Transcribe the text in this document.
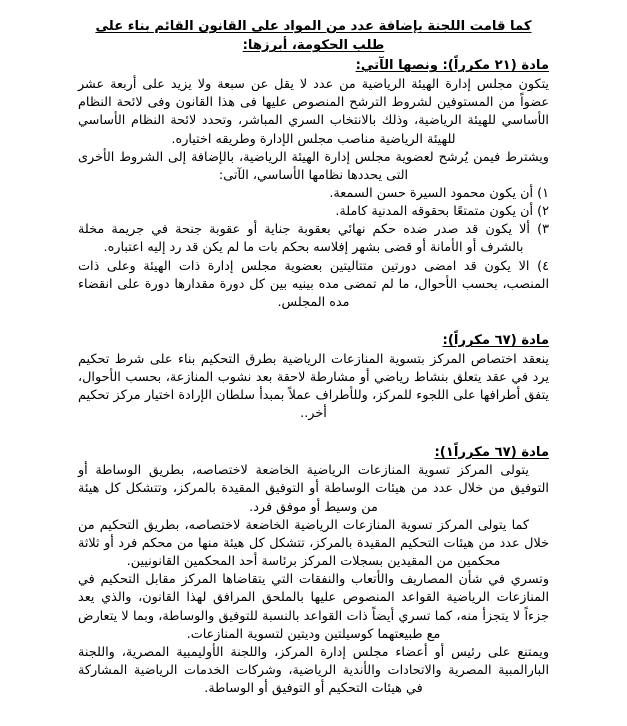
كما قامت اللجنة بإضافة عدد من المواد على القانون القائم بناء على طلب الحكومة، أبرزها:

مادة (٢١ مكرراً): ونصها الآتي:

يتكون مجلس إدارة الهيئة الرياضية من عدد لا يقل عن سبعة ولا يزيد على أربعة عشر عضواً من المستوفين لشروط الترشح المنصوص عليها فى هذا القانون وفى لائحة النظام الأساسي للهيئة الرياضية، وذلك بالانتخاب السري المباشر، وتحدد لائحة النظام الأساسي للهيئة الرياضية مناصب مجلس الإدارة وطريقه اختياره.

ويشترط فيمن يُرشح لعضوية مجلس إدارة الهيئة الرياضية، بالإضافة إلى الشروط الأخرى التى يحددها نظامها الأساسي، الآتى:

١) أن يكون محمود السيرة حسن السمعة.
٢) أن يكون متمتعًا بحقوقه المدنية كاملة.
٣) ألا يكون قد صدر ضده حكم نهائي بعقوبة جناية أو عقوبة جنحة في جريمة مخلة بالشرف أو الأمانة أو قضى بشهر إفلاسه بحكم بات ما لم يكن قد رد إليه اعتباره.
٤) الا يكون قد امضى دورتين متتاليتين بعضوية مجلس إدارة ذات الهيئة وعلى ذات المنصب، بحسب الأحوال، ما لم تمضى مده بينيه بين كل دورة مقدارها دورة على انقضاء مده المجلس.

مادة (٦٧ مكرراً):

ينعقد اختصاص المركز بتسوية المنازعات الرياضية بطرق التحكيم بناء على شرط تحكيم يرد في عقد يتعلق بنشاط رياضي أو مشارطة لاحقة بعد نشوب المنازعة، بحسب الأحوال، يتفق أطرافها على اللجوء للمركز، وللأطراف عملاً بمبدأ سلطان الإرادة اختيار مركز تحكيم أخر..

مادة (٦٧ مكرراً١):

يتولى المركز تسوية المنازعات الرياضية الخاضعة لاختصاصه، بطريق الوساطة أو التوفيق من خلال عدد من هيئات الوساطة أو التوفيق المقيدة بالمركز، وتتشكل كل هيئة من وسيط أو موفق فرد.

كما يتولى المركز تسوية المنازعات الرياضية الخاضعة لاختصاصه، بطريق التحكيم من خلال عدد من هيئات التحكيم المقيدة بالمركز، تتشكل كل هيئة منها من محكم فرد أو ثلاثة محكمين من المقيدين بسجلات المركز برئاسة أحد المحكمين القانونيين.

وتسري في شأن المصاريف والأتعاب والنفقات التي يتقاضاها المركز مقابل التحكيم في المنازعات الرياضية القواعد المنصوص عليها بالملحق المرافق لهذا القانون، والذي يعد جزءاً لا يتجزأ منه، كما تسري أيضاً ذات القواعد بالنسبة للتوفيق والوساطة، وبما لا يتعارض مع طبيعتهما كوسيلتين وديتين لتسوية المنازعات.

ويمتنع على رئيس أو أعضاء مجلس إدارة المركز، واللجنة الأوليمبية المصرية، واللجنة البارالمبية المصرية والاتحادات والأندية الرياضية، وشركات الخدمات الرياضية المشاركة في هيئات التحكيم أو التوفيق أو الوساطة.
